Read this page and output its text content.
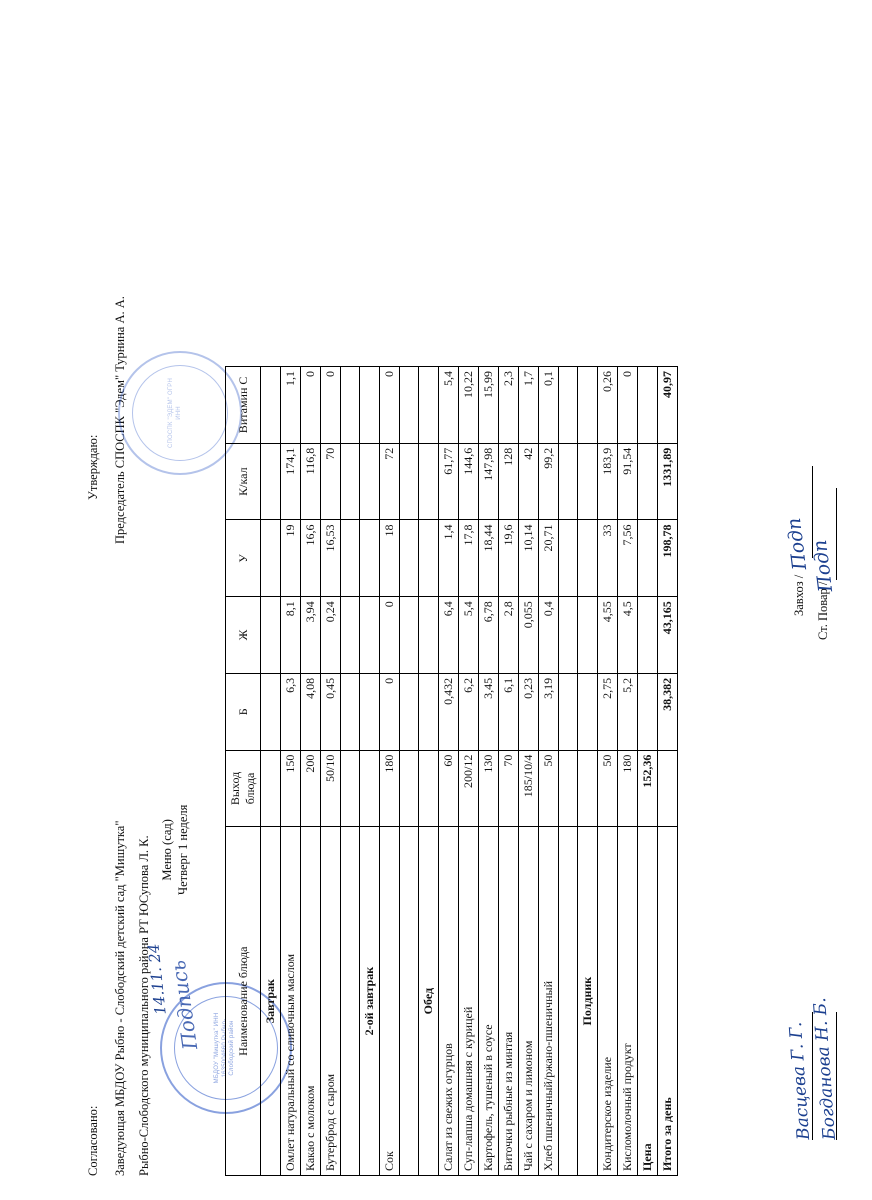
Согласовано: Заведующая МБДОУ Рыбно - Слободский детский сад "Мишутка" Рыбно-Слободского муниципального района РТ ЮСупова Л. К.
Утверждаю: Председатель СПОСПК "Эдем" Турнина А. А.
Меню (сад) Четверг 1 неделя
МБДОУ "Мишутка" ИНН 1635004660 Рыбно-Слободский район
СПОСПК "ЭДЕМ" ОГРН ИНН
14.11. 24
Подпись	Наименование блюда	Выход блюда	Б	Ж	У	К/кал	Витамин С
Завтрак						
Омлет натуральный со сливочным маслом	150	6,3	8,1	19	174,1	1,1
Какао с молоком	200	4,08	3,94	16,6	116,8	0
Бутерброд с сыром	50/10	0,45	0,24	16,53	70	0

2-ой завтрак						
Сок	180	0	0	18	72	0

Обед						
Салат из свежих огурцов	60	0,432	6,4	1,4	61,77	5,4
Суп-лапша домашняя с курицей	200/12	6,2	5,4	17,8	144,6	10,22
Картофель, тушеный в соусе	130	3,45	6,78	18,44	147,98	15,99
Биточки рыбные из минтая	70	6,1	2,8	19,6	128	2,3
Чай с сахаром и лимоном	185/10/4	0,23	0,055	10,14	42	1,7
Хлеб пшеничный/ржано-пшеничный	50	3,19	0,4	20,71	99,2	0,1

Полдник						
Кондитерское изделие	50	2,75	4,55	33	183,9	0,26
Кисломолочный продукт	180	5,2	4,5	7,56	91,54	0
Цена	152,36					
Итого за день		38,382	43,165	198,78	1331,89	40,97
Завхоз / Ст. Повар /
Васцева Г. Г.
Богданова Н. Б.
Подп
Подп
